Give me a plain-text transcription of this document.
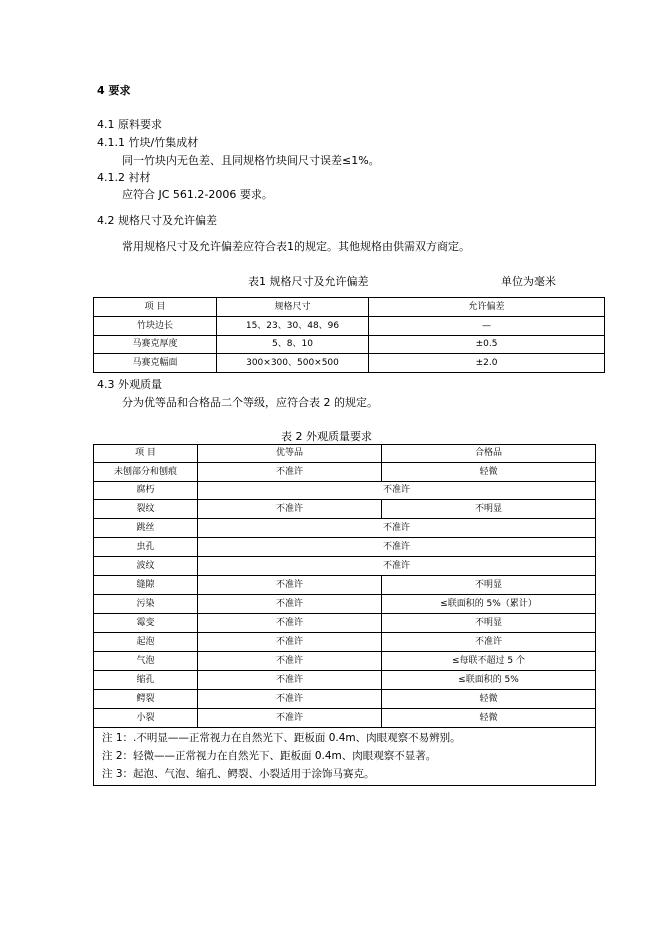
4 要求
4.1 原料要求
4.1.1 竹块/竹集成材
同一竹块内无色差、且同规格竹块间尺寸误差≤1%。
4.1.2 衬材
应符合 JC 561.2-2006 要求。
4.2 规格尺寸及允许偏差
常用规格尺寸及允许偏差应符合表1的规定。其他规格由供需双方商定。
表1 规格尺寸及允许偏差	单位为毫米
项 目	规格尺寸	允许偏差
竹块边长	15、23、30、48、96	—
马赛克厚度	5、8、10	±0.5
马赛克幅面	300×300、500×500	±2.0
4.3 外观质量
分为优等品和合格品二个等级，应符合表 2 的规定。
表 2 外观质量要求
项 目	优等品	合格品
未刨部分和刨痕	不准许	轻微
腐朽	不准许
裂纹	不准许	不明显
跳丝	不准许
虫孔	不准许
波纹	不准许
缝隙	不准许	不明显
污染	不准许	≤联面积的 5%（累计）
霉变	不准许	不明显
起泡	不准许	不准许
气泡	不准许	≤每联不超过 5 个
缩孔	不准许	≤联面积的 5%
鳄裂	不准许	轻微
小裂	不准许	轻微

注 1：.不明显——正常视力在自然光下、距板面 0.4m、肉眼观察不易辨别。
注 2：轻微——正常视力在自然光下、距板面 0.4m、肉眼观察不显著。
注 3：起泡、气泡、缩孔、鳄裂、小裂适用于涂饰马赛克。
